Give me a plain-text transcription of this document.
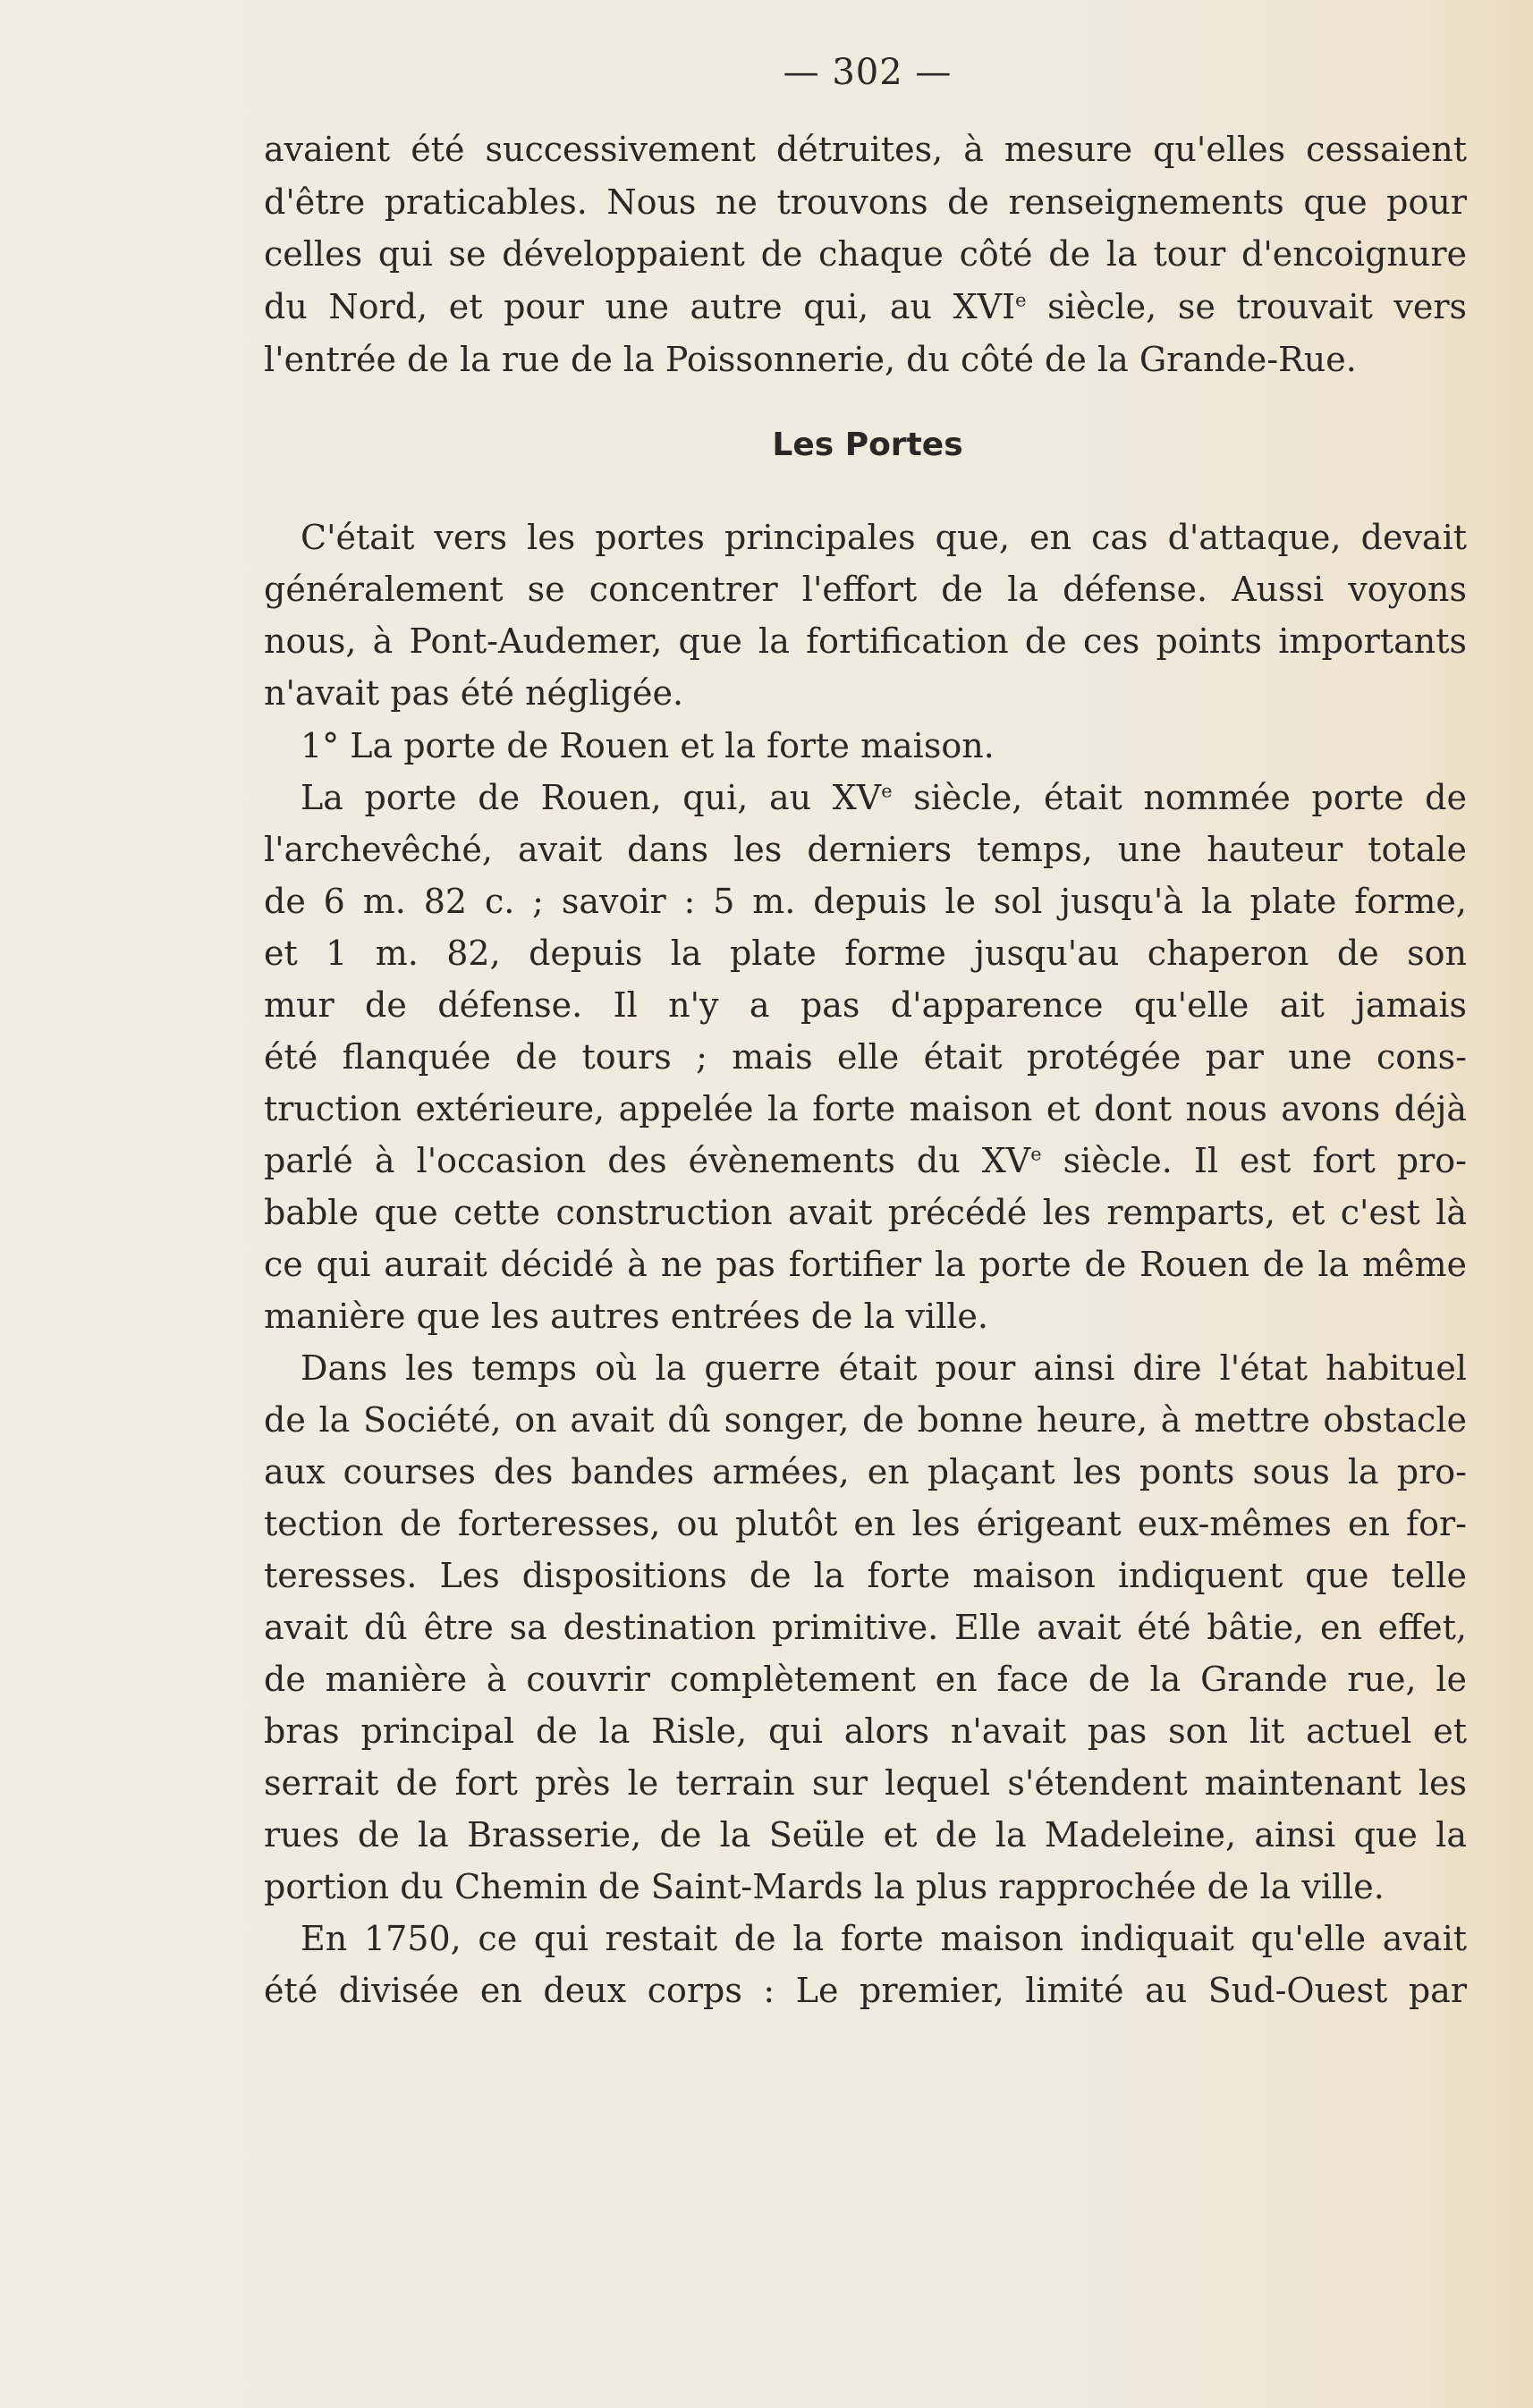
— 302 —
Les Portes
avaient été successivement détruites, à mesure qu'elles cessaient
d'être praticables. Nous ne trouvons de renseignements que pour
celles qui se développaient de chaque côté de la tour d'encoignure
du Nord, et pour une autre qui, au XVIe siècle, se trouvait vers
l'entrée de la rue de la Poissonnerie, du côté de la Grande-Rue.
C'était vers les portes principales que, en cas d'attaque, devait
généralement se concentrer l'effort de la défense. Aussi voyons
nous, à Pont-Audemer, que la fortification de ces points importants
n'avait pas été négligée.
1° La porte de Rouen et la forte maison.
La porte de Rouen, qui, au XVe siècle, était nommée porte de
l'archevêché, avait dans les derniers temps, une hauteur totale
de 6 m. 82 c. ; savoir : 5 m. depuis le sol jusqu'à la plate forme,
et 1 m. 82, depuis la plate forme jusqu'au chaperon de son
mur de défense. Il n'y a pas d'apparence qu'elle ait jamais
été flanquée de tours ; mais elle était protégée par une cons-
truction extérieure, appelée la forte maison et dont nous avons déjà
parlé à l'occasion des évènements du XVe siècle. Il est fort pro-
bable que cette construction avait précédé les remparts, et c'est là
ce qui aurait décidé à ne pas fortifier la porte de Rouen de la même
manière que les autres entrées de la ville.
Dans les temps où la guerre était pour ainsi dire l'état habituel
de la Société, on avait dû songer, de bonne heure, à mettre obstacle
aux courses des bandes armées, en plaçant les ponts sous la pro-
tection de forteresses, ou plutôt en les érigeant eux-mêmes en for-
teresses. Les dispositions de la forte maison indiquent que telle
avait dû être sa destination primitive. Elle avait été bâtie, en effet,
de manière à couvrir complètement en face de la Grande rue, le
bras principal de la Risle, qui alors n'avait pas son lit actuel et
serrait de fort près le terrain sur lequel s'étendent maintenant les
rues de la Brasserie, de la Seüle et de la Madeleine, ainsi que la
portion du Chemin de Saint-Mards la plus rapprochée de la ville.
En 1750, ce qui restait de la forte maison indiquait qu'elle avait
été divisée en deux corps : Le premier, limité au Sud-Ouest par
